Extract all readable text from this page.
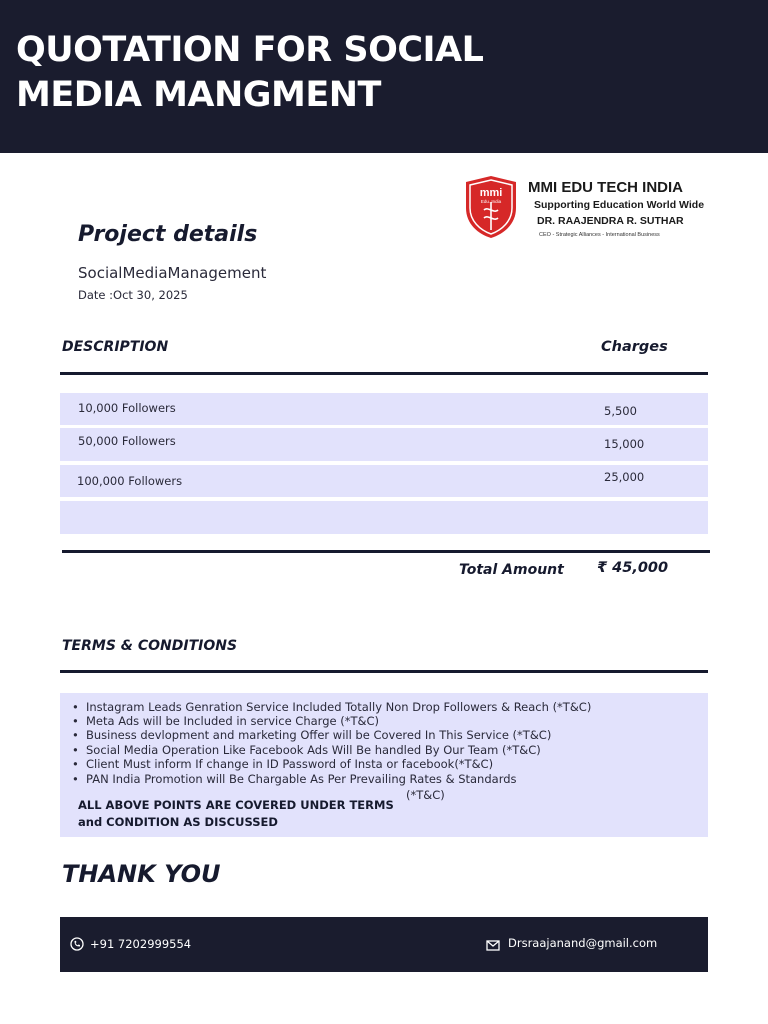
QUOTATION FOR SOCIAL MEDIA MANGMENT
mmi
Edu. India
MMI EDU TECH INDIA
Supporting Education World Wide
DR. RAAJENDRA R. SUTHAR
CEO - Strategic Alliances - International Business
Project details
SocialMediaManagement
Date :Oct 30, 2025
DESCRIPTION	Charges
10,000 Followers	5,500
50,000 Followers	15,000
100,000 Followers	25,000
Total Amount ₹ 45,000
TERMS & CONDITIONS
• Instagram Leads Genration Service Included Totally Non Drop Followers & Reach (*T&C)
• Meta Ads will be Included in service Charge (*T&C)
• Business devlopment and marketing Offer will be Covered In This Service (*T&C)
• Social Media Operation Like Facebook Ads Will Be handled By Our Team (*T&C)
• Client Must inform If change in ID Password of Insta or facebook(*T&C)
• PAN India Promotion will Be Chargable As Per Prevailing Rates & Standards
(*T&C)
ALL ABOVE POINTS ARE COVERED UNDER TERMS
and CONDITION AS DISCUSSED
THANK YOU
+91 7202999554	Drsraajanand@gmail.com
